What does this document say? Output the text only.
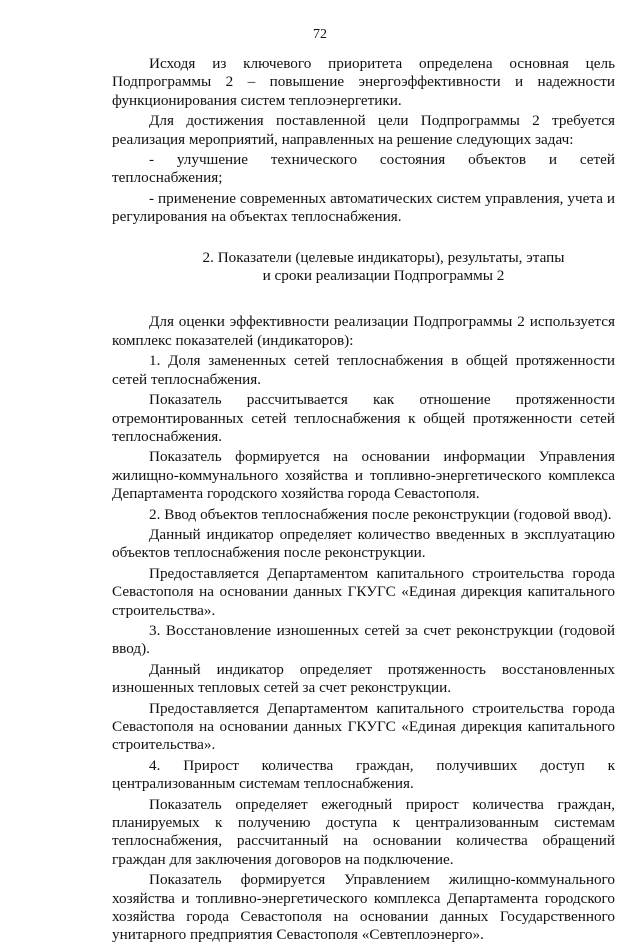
72

Исходя из ключевого приоритета определена основная цель Подпрограммы 2 – повышение энергоэффективности и надежности функционирования систем теплоэнергетики.

Для достижения поставленной цели Подпрограммы 2 требуется реализация мероприятий, направленных на решение следующих задач:

- улучшение технического состояния объектов и сетей теплоснабжения;

- применение современных автоматических систем управления, учета и регулирования на объектах теплоснабжения.

2. Показатели (целевые индикаторы), результаты, этапы
и сроки реализации Подпрограммы 2

Для оценки эффективности реализации Подпрограммы 2 используется комплекс показателей (индикаторов):

1. Доля замененных сетей теплоснабжения в общей протяженности сетей теплоснабжения.

Показатель рассчитывается как отношение протяженности отремонтированных сетей теплоснабжения к общей протяженности сетей теплоснабжения.

Показатель формируется на основании информации Управления жилищно-коммунального хозяйства и топливно-энергетического комплекса Департамента городского хозяйства города Севастополя.

2. Ввод объектов теплоснабжения после реконструкции (годовой ввод).

Данный индикатор определяет количество введенных в эксплуатацию объектов теплоснабжения после реконструкции.

Предоставляется Департаментом капитального строительства города Севастополя на основании данных ГКУГС «Единая дирекция капитального строительства».

3. Восстановление изношенных сетей за счет реконструкции (годовой ввод).

Данный индикатор определяет протяженность восстановленных изношенных тепловых сетей за счет реконструкции.

Предоставляется Департаментом капитального строительства города Севастополя на основании данных ГКУГС «Единая дирекция капитального строительства».

4. Прирост количества граждан, получивших доступ к централизованным системам теплоснабжения.

Показатель определяет ежегодный прирост количества граждан, планируемых к получению доступа к централизованным системам теплоснабжения, рассчитанный на основании количества обращений граждан для заключения договоров на подключение.

Показатель формируется Управлением жилищно-коммунального хозяйства и топливно-энергетического комплекса Департамента городского хозяйства города Севастополя на основании данных Государственного унитарного предприятия Севастополя «Севтеплоэнерго».
